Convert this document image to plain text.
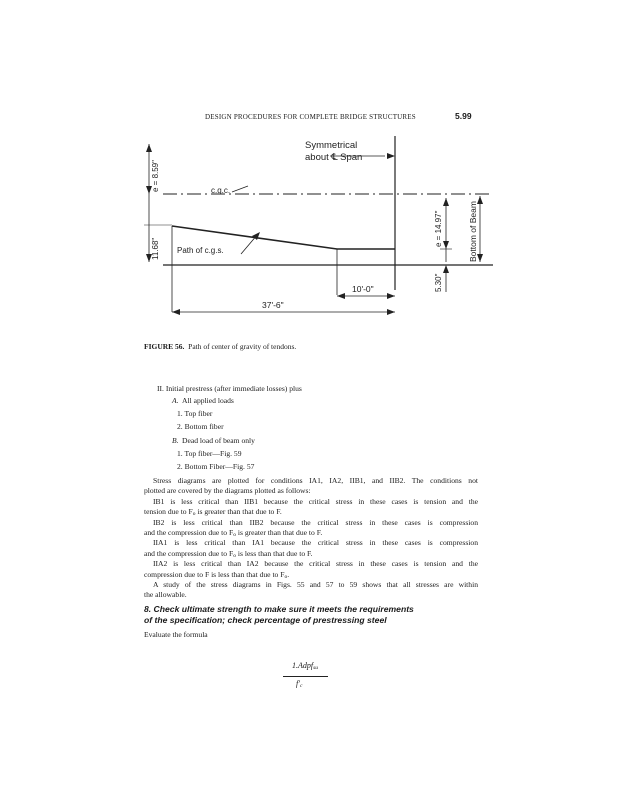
DESIGN PROCEDURES FOR COMPLETE BRIDGE STRUCTURES	5.99
Symmetrical
about ℄ Span
c.g.c.
Path of c.g.s.
e = 8.59"
11.68"
e = 14.97"
5.30"
Bottom of Beam
10'-0"
37'-6"
FIGURE 56. Path of center of gravity of tendons.
II. Initial prestress (after immediate losses) plus
A. All applied loads
1. Top fiber
2. Bottom fiber
B. Dead load of beam only
1. Top fiber—Fig. 59
2. Bottom Fiber—Fig. 57
Stress diagrams are plotted for conditions IA1, IA2, IIB1, and IIB2. The conditions not
plotted are covered by the diagrams plotted as follows:
IB1 is less critical than IIB1 because the critical stress in these cases is tension and the
tension due to $F_o$ is greater than that due to F.
IB2 is less critical than IIB2 because the critical stress in these cases is compression
and the compression due to $F_o$ is greater than that due to F.
IIA1 is less critical than IA1 because the critical stress in these cases is compression
and the compression due to $F_o$ is less than that due to F.
IIA2 is less critical than IA2 because the critical stress in these cases is tension and the
compression due to F is less than that due to $F_o$.
A study of the stress diagrams in Figs. 55 and 57 to 59 shows that all stresses are within
the allowable.
8. Check ultimate strength to make sure it meets the requirements
of the specification; check percentage of prestressing steel
Evaluate the formula
1.Adpf$_{su}$
$f'_c$
